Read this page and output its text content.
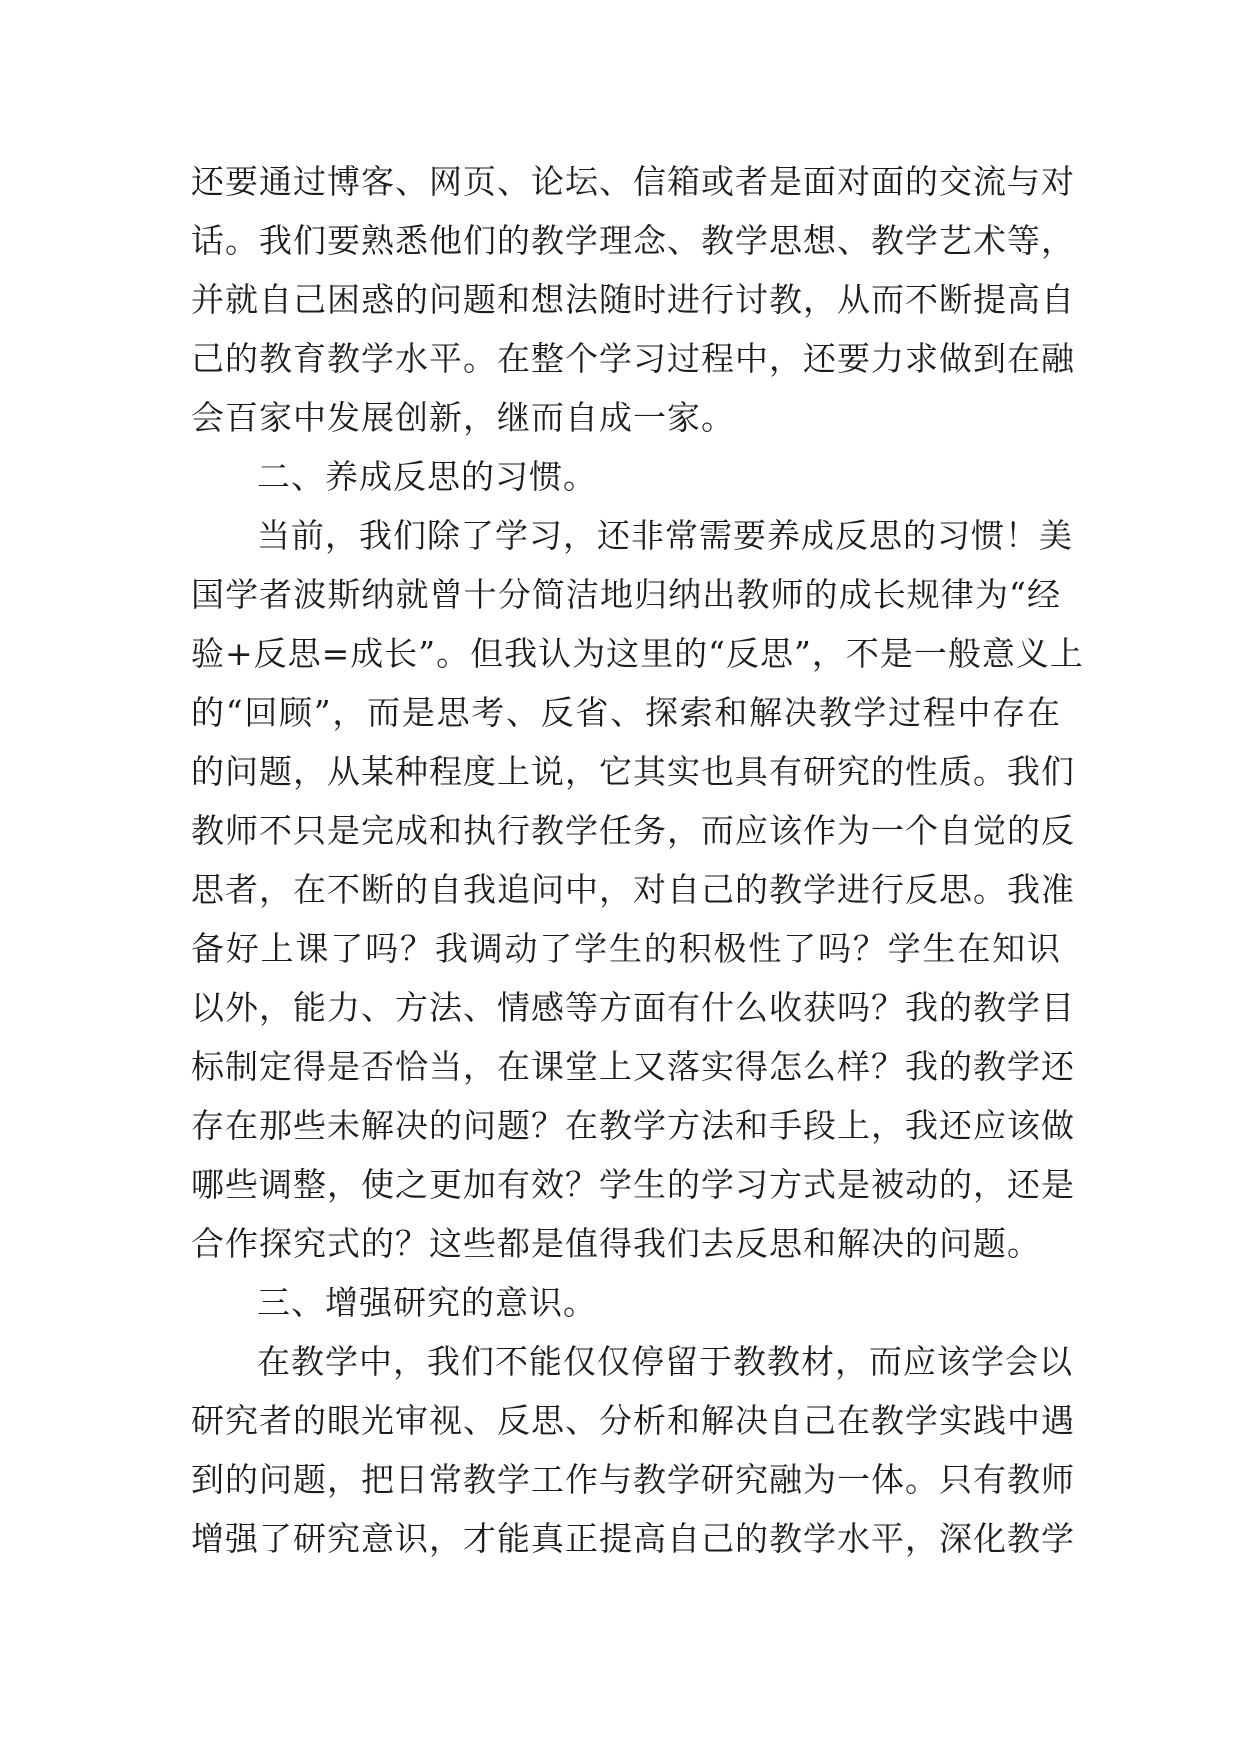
还要通过博客、网页、论坛、信箱或者是面对面的交流与对
话。我们要熟悉他们的教学理念、教学思想、教学艺术等，
并就自己困惑的问题和想法随时进行讨教，从而不断提高自
己的教育教学水平。在整个学习过程中，还要力求做到在融
会百家中发展创新，继而自成一家。
二、养成反思的习惯。
当前，我们除了学习，还非常需要养成反思的习惯！美
国学者波斯纳就曾十分简洁地归纳出教师的成长规律为“经
验+反思=成长”。但我认为这里的“反思”，不是一般意义上
的“回顾”，而是思考、反省、探索和解决教学过程中存在
的问题，从某种程度上说，它其实也具有研究的性质。我们
教师不只是完成和执行教学任务，而应该作为一个自觉的反
思者，在不断的自我追问中，对自己的教学进行反思。我准
备好上课了吗？我调动了学生的积极性了吗？学生在知识
以外，能力、方法、情感等方面有什么收获吗？我的教学目
标制定得是否恰当，在课堂上又落实得怎么样？我的教学还
存在那些未解决的问题？在教学方法和手段上，我还应该做
哪些调整，使之更加有效？学生的学习方式是被动的，还是
合作探究式的？这些都是值得我们去反思和解决的问题。
三、增强研究的意识。
在教学中，我们不能仅仅停留于教教材，而应该学会以
研究者的眼光审视、反思、分析和解决自己在教学实践中遇
到的问题，把日常教学工作与教学研究融为一体。只有教师
增强了研究意识，才能真正提高自己的教学水平，深化教学
